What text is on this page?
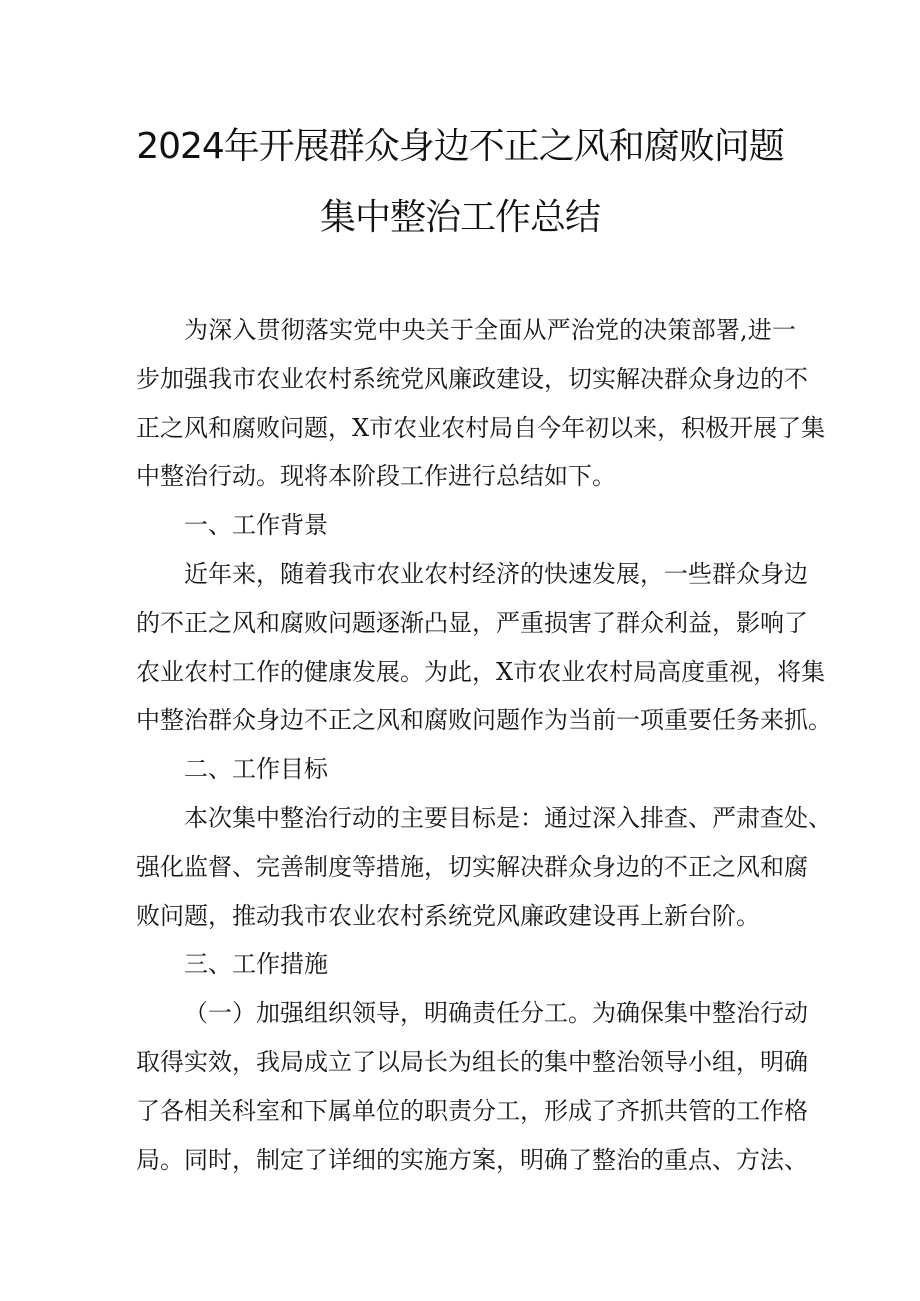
2024年开展群众身边不正之风和腐败问题
集中整治工作总结
为深入贯彻落实党中央关于全面从严治党的决策部署,进一
步加强我市农业农村系统党风廉政建设，切实解决群众身边的不
正之风和腐败问题，X市农业农村局自今年初以来，积极开展了集
中整治行动。现将本阶段工作进行总结如下。
一、工作背景
近年来，随着我市农业农村经济的快速发展，一些群众身边
的不正之风和腐败问题逐渐凸显，严重损害了群众利益，影响了
农业农村工作的健康发展。为此，X市农业农村局高度重视，将集
中整治群众身边不正之风和腐败问题作为当前一项重要任务来抓。
二、工作目标
本次集中整治行动的主要目标是：通过深入排查、严肃查处、
强化监督、完善制度等措施，切实解决群众身边的不正之风和腐
败问题，推动我市农业农村系统党风廉政建设再上新台阶。
三、工作措施
（一）加强组织领导，明确责任分工。为确保集中整治行动
取得实效，我局成立了以局长为组长的集中整治领导小组，明确
了各相关科室和下属单位的职责分工，形成了齐抓共管的工作格
局。同时，制定了详细的实施方案，明确了整治的重点、方法、
